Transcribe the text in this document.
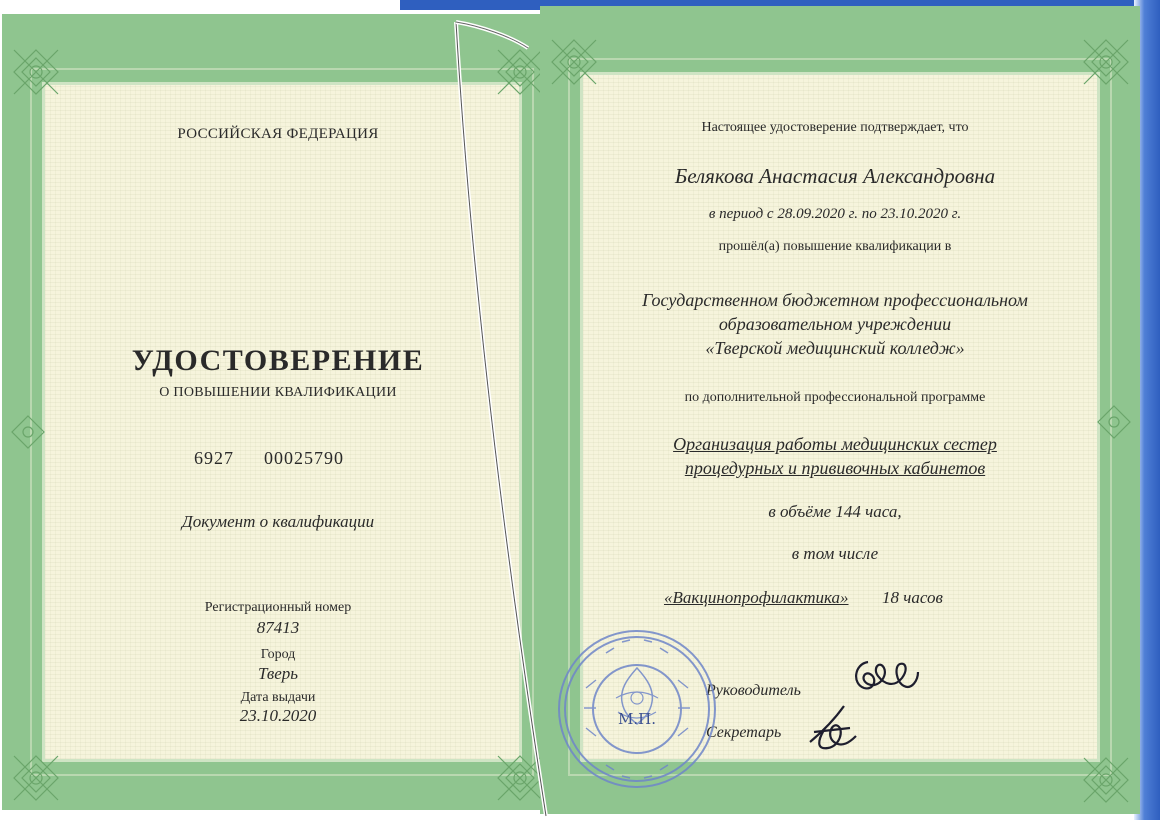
РОССИЙСКАЯ ФЕДЕРАЦИЯ
УДОСТОВЕРЕНИЕ
О ПОВЫШЕНИИ КВАЛИФИКАЦИИ
6927 00025790
Документ о квалификации
Регистрационный номер
87413
Город
Тверь
Дата выдачи
23.10.2020
Настоящее удостоверение подтверждает, что
Белякова Анастасия Александровна
в период с 28.09.2020 г. по 23.10.2020 г.
прошёл(а) повышение квалификации в
Государственном бюджетном профессиональном
образовательном учреждении
«Тверской медицинский колледж»
по дополнительной профессиональной программе
Организация работы медицинских сестер
процедурных и прививочных кабинетов
в объёме 144 часа,
в том числе
«Вакцинопрофилактика» 18 часов
Руководитель
Секретарь
М.П.
